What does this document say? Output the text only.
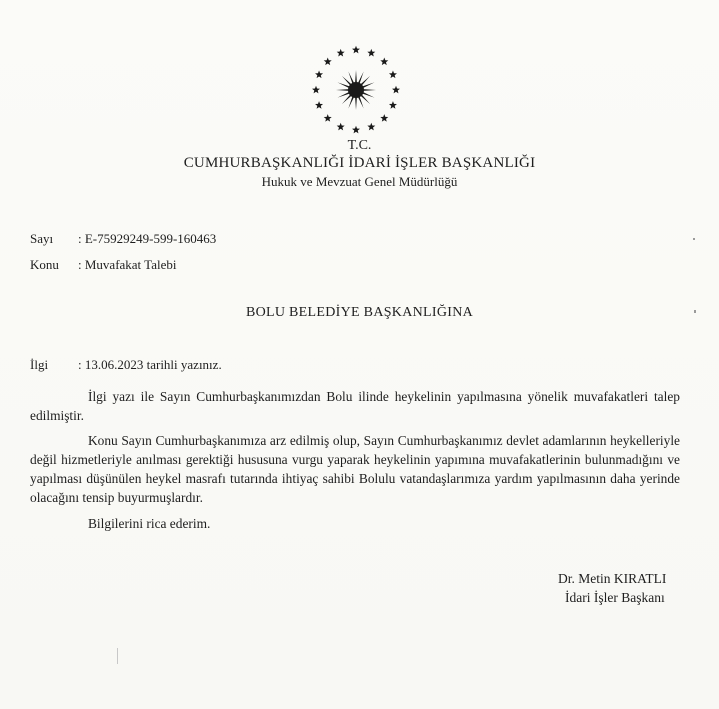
T.C.
CUMHURBAŞKANLIĞI İDARİ İŞLER BAŞKANLIĞI
Hukuk ve Mevzuat Genel Müdürlüğü
Sayı : E-75929249-599-160463
Konu : Muvafakat Talebi
BOLU BELEDİYE BAŞKANLIĞINA
İlgi : 13.06.2023 tarihli yazınız.
İlgi yazı ile Sayın Cumhurbaşkanımızdan Bolu ilinde heykelinin yapılmasına yönelik muvafakatleri talep edilmiştir.
Konu Sayın Cumhurbaşkanımıza arz edilmiş olup, Sayın Cumhurbaşkanımız devlet adamlarının heykelleriyle değil hizmetleriyle anılması gerektiği hususuna vurgu yaparak heykelinin yapımına muvafakatlerinin bulunmadığını ve yapılması düşünülen heykel masrafı tutarında ihtiyaç sahibi Bolulu vatandaşlarımıza yardım yapılmasının daha yerinde olacağını tensip buyurmuşlardır.
Bilgilerini rica ederim.
Dr. Metin KIRATLI
İdari İşler Başkanı
